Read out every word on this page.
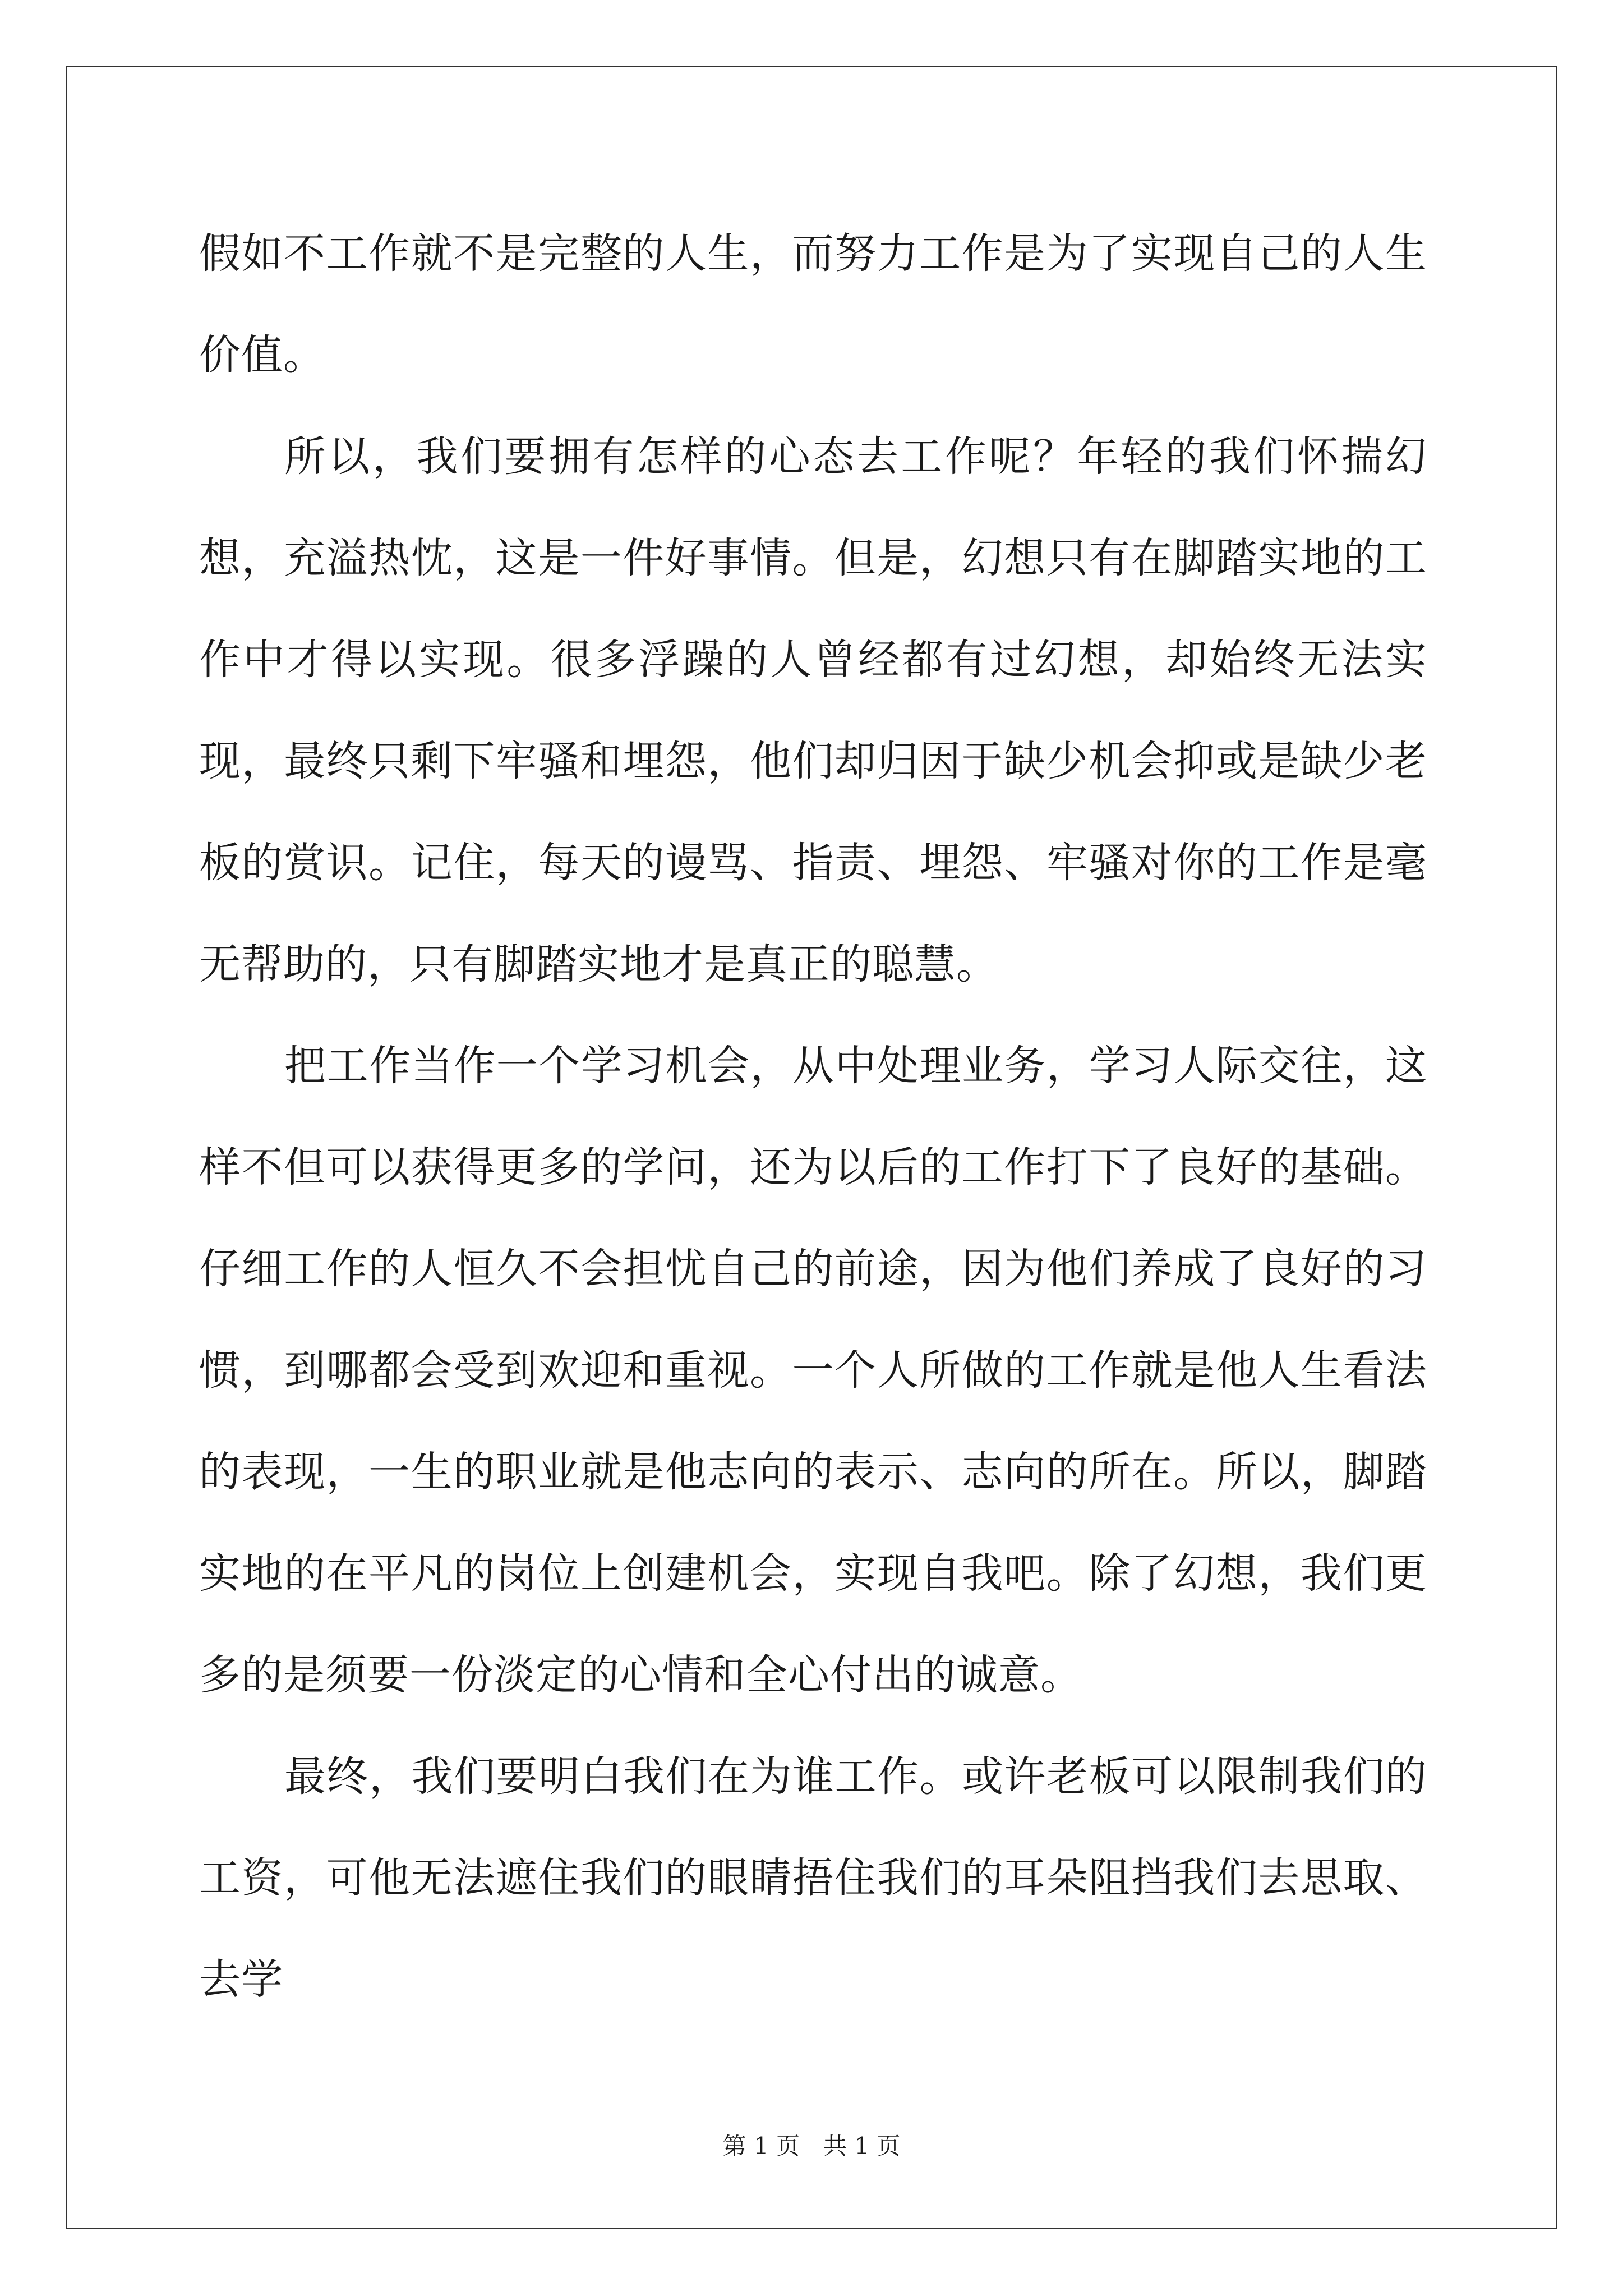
假如不工作就不是完整的人生，而努力工作是为了实现自己的人生价值。

所以，我们要拥有怎样的心态去工作呢？年轻的我们怀揣幻想，充溢热忱，这是一件好事情。但是，幻想只有在脚踏实地的工作中才得以实现。很多浮躁的人曾经都有过幻想，却始终无法实现，最终只剩下牢骚和埋怨，他们却归因于缺少机会抑或是缺少老板的赏识。记住，每天的谩骂、指责、埋怨、牢骚对你的工作是毫无帮助的，只有脚踏实地才是真正的聪慧。

把工作当作一个学习机会，从中处理业务，学习人际交往，这样不但可以获得更多的学问，还为以后的工作打下了良好的基础。仔细工作的人恒久不会担忧自己的前途，因为他们养成了良好的习惯，到哪都会受到欢迎和重视。一个人所做的工作就是他人生看法的表现，一生的职业就是他志向的表示、志向的所在。所以，脚踏实地的在平凡的岗位上创建机会，实现自我吧。除了幻想，我们更多的是须要一份淡定的心情和全心付出的诚意。

最终，我们要明白我们在为谁工作。或许老板可以限制我们的工资，可他无法遮住我们的眼睛捂住我们的耳朵阻挡我们去思取、去学

第 1 页　共 1 页
